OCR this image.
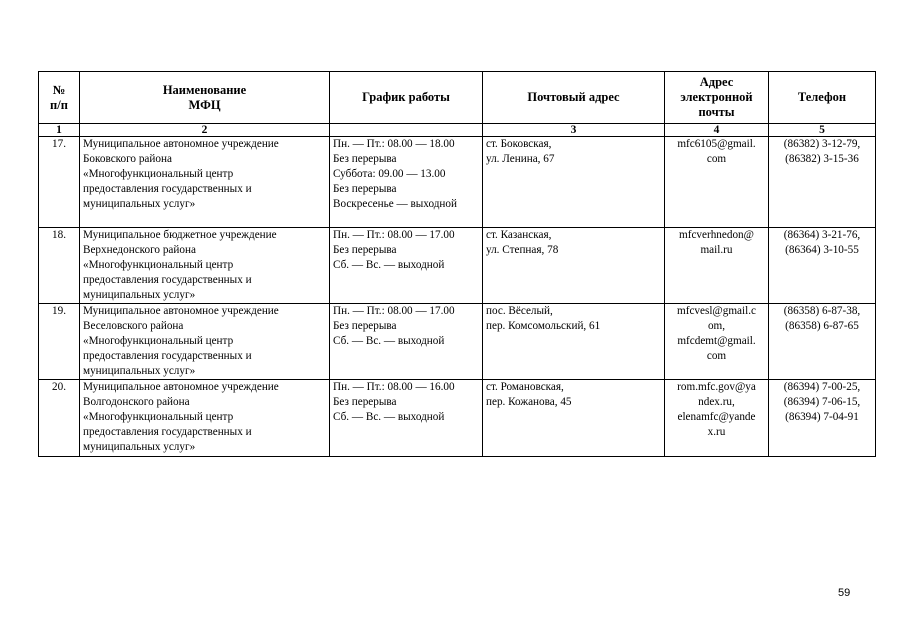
№
п/п	Наименование
МФЦ	График работы	Почтовый адрес	Адрес
электронной
почты	Телефон
1	2		3	4	5
17.	Муниципальное автономное учреждение
Боковского района
«Многофункциональный центр
предоставления государственных и
муниципальных услуг»	Пн. — Пт.: 08.00 — 18.00
Без перерыва
Суббота: 09.00 — 13.00
Без перерыва
Воскресенье — выходной	ст. Боковская,
ул. Ленина, 67	mfc6105@gmail.
com	(86382) 3-12-79,
(86382) 3-15-36

18.	Муниципальное бюджетное учреждение
Верхнедонского района
«Многофункциональный центр
предоставления государственных и
муниципальных услуг»	Пн. — Пт.: 08.00 — 17.00
Без перерыва
Сб. — Вс. — выходной	ст. Казанская,
ул. Степная, 78	mfcverhnedon@
mail.ru	(86364) 3-21-76,
(86364) 3-10-55

19.	Муниципальное автономное учреждение
Веселовского района
«Многофункциональный центр
предоставления государственных и
муниципальных услуг»	Пн. — Пт.: 08.00 — 17.00
Без перерыва
Сб. — Вс. — выходной	пос. Вёселый,
пер. Комсомольский, 61	mfcvesl@gmail.c
om,
mfcdemt@gmail.
com	(86358) 6-87-38,
(86358) 6-87-65

20.	Муниципальное автономное учреждение
Волгодонского района
«Многофункциональный центр
предоставления государственных и
муниципальных услуг»	Пн. — Пт.: 08.00 — 16.00
Без перерыва
Сб. — Вс. — выходной	ст. Романовская,
пер. Кожанова, 45	rom.mfc.gov@ya
ndex.ru,
elenamfc@yande
x.ru	(86394) 7-00-25,
(86394) 7-06-15,
(86394) 7-04-91
59
